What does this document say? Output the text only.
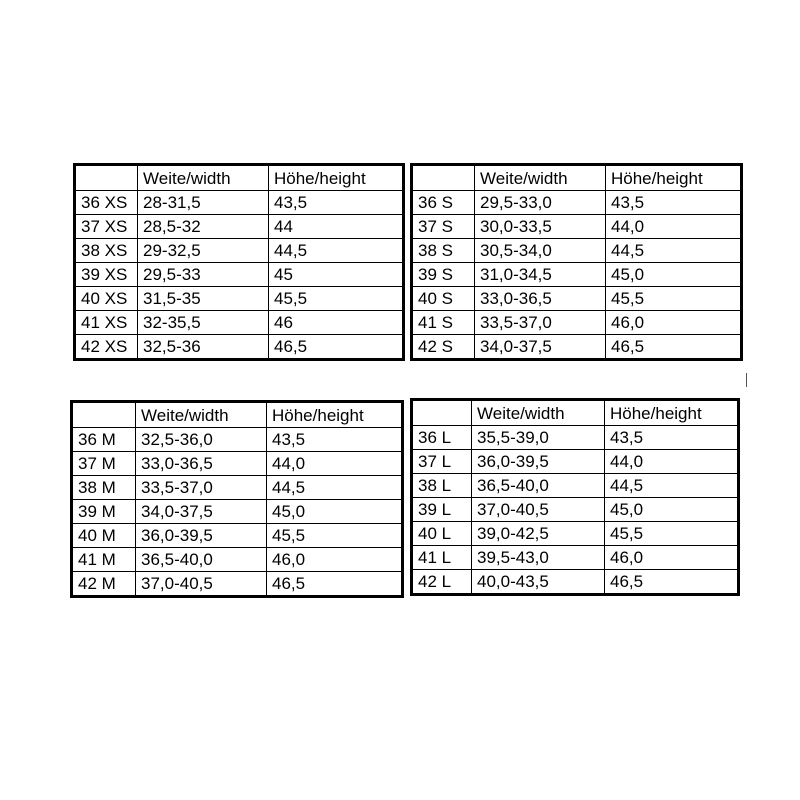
	Weite/width	Höhe/height
36 XS	28-31,5	43,5
37 XS	28,5-32	44
38 XS	29-32,5	44,5
39 XS	29,5-33	45
40 XS	31,5-35	45,5
41 XS	32-35,5	46
42 XS	32,5-36	46,5
	Weite/width	Höhe/height
36 S	29,5-33,0	43,5
37 S	30,0-33,5	44,0
38 S	30,5-34,0	44,5
39 S	31,0-34,5	45,0
40 S	33,0-36,5	45,5
41 S	33,5-37,0	46,0
42 S	34,0-37,5	46,5
	Weite/width	Höhe/height
36 M	32,5-36,0	43,5
37 M	33,0-36,5	44,0
38 M	33,5-37,0	44,5
39 M	34,0-37,5	45,0
40 M	36,0-39,5	45,5
41 M	36,5-40,0	46,0
42 M	37,0-40,5	46,5
	Weite/width	Höhe/height
36 L	35,5-39,0	43,5
37 L	36,0-39,5	44,0
38 L	36,5-40,0	44,5
39 L	37,0-40,5	45,0
40 L	39,0-42,5	45,5
41 L	39,5-43,0	46,0
42 L	40,0-43,5	46,5
